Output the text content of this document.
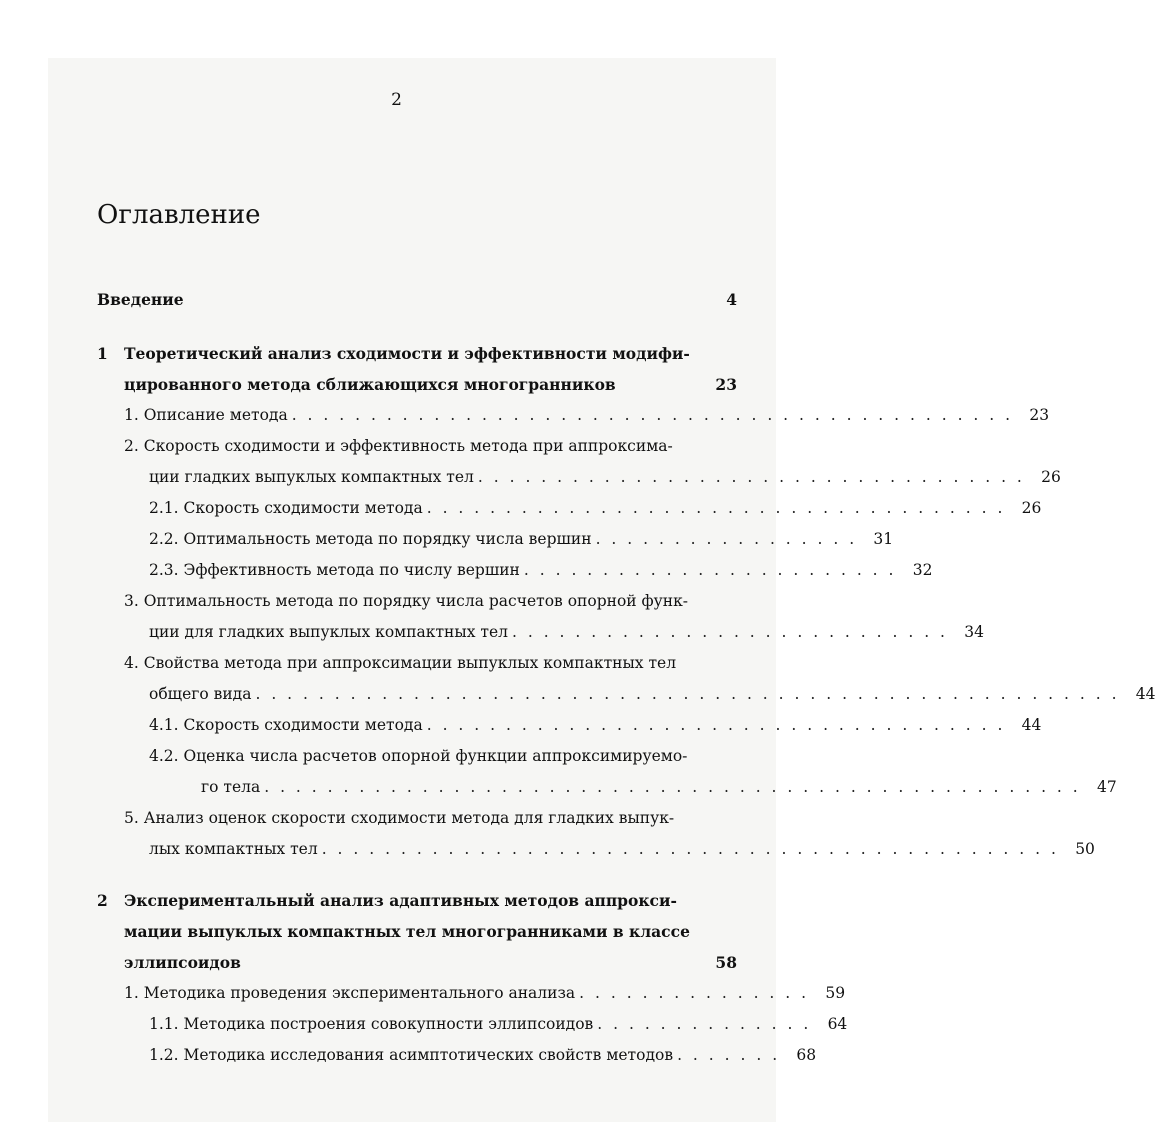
2
Оглавление
Введение	4
1	Теоретический анализ сходимости и эффективности модифи-
цированного метода сближающихся многогранников	23
1. Описание метода . . . . . . . . . . . . . . . . . . . . . . . . . . . . . . . . . . . . . . . . . . . . . .	23
2. Скорость сходимости и эффективность метода при аппроксима-
ции гладких выпуклых компактных тел . . . . . . . . . . . . . . . . . . . . . . . . . . . . . . . . . . .	26
2.1. Скорость сходимости метода . . . . . . . . . . . . . . . . . . . . . . . . . . . . . . . . . . . . .	26
2.2. Оптимальность метода по порядку числа вершин . . . . . . . . . . . . . . . . .	31
2.3. Эффективность метода по числу вершин . . . . . . . . . . . . . . . . . . . . . . . .	32
3. Оптимальность метода по порядку числа расчетов опорной функ-
ции для гладких выпуклых компактных тел . . . . . . . . . . . . . . . . . . . . . . . . . . . .	34
4. Свойства метода при аппроксимации выпуклых компактных тел
общего вида . . . . . . . . . . . . . . . . . . . . . . . . . . . . . . . . . . . . . . . . . . . . . . . . . . . . . . .	44
4.1. Скорость сходимости метода . . . . . . . . . . . . . . . . . . . . . . . . . . . . . . . . . . . . .	44
4.2. Оценка числа расчетов опорной функции аппроксимируемо-
го тела . . . . . . . . . . . . . . . . . . . . . . . . . . . . . . . . . . . . . . . . . . . . . . . . . . . .	47
5. Анализ оценок скорости сходимости метода для гладких выпук-
лых компактных тел . . . . . . . . . . . . . . . . . . . . . . . . . . . . . . . . . . . . . . . . . . . . . . .	50
2	Экспериментальный анализ адаптивных методов аппрокси-
мации выпуклых компактных тел многогранниками в классе
эллипсоидов	58
1. Методика проведения экспериментального анализа . . . . . . . . . . . . . . .	59
1.1. Методика построения совокупности эллипсоидов . . . . . . . . . . . . . .	64
1.2. Методика исследования асимптотических свойств методов . . . . . . .	68
